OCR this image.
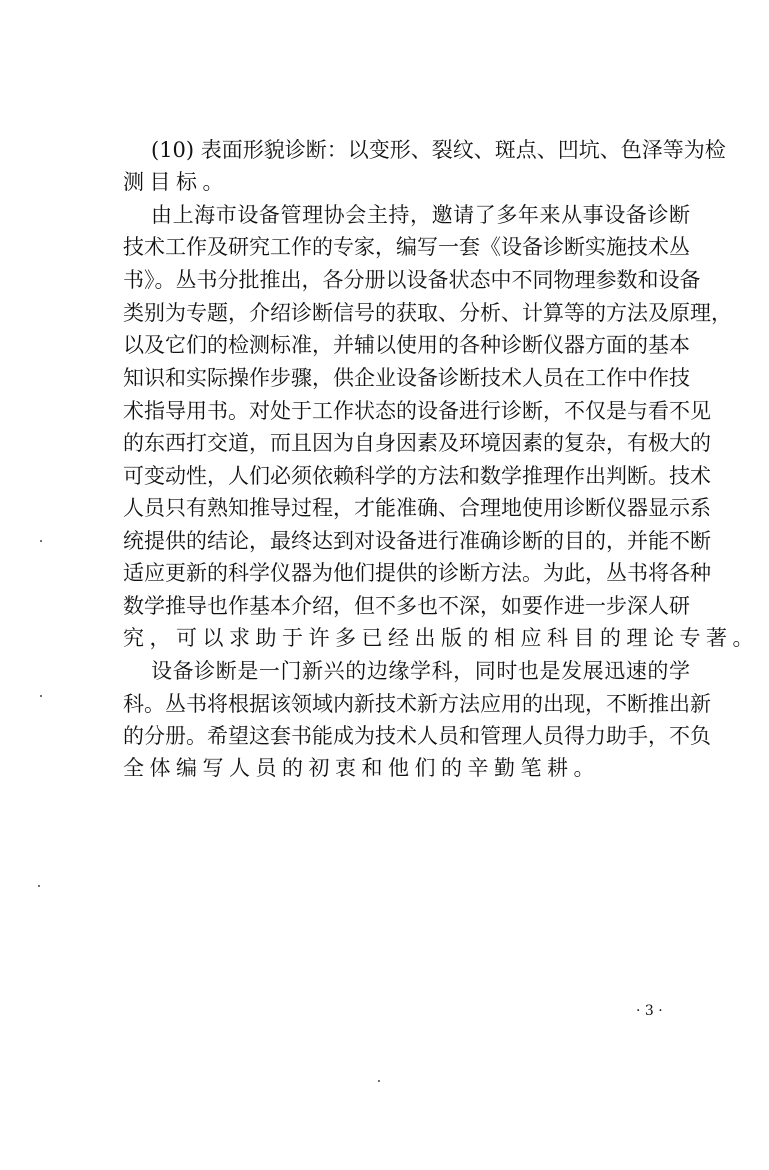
(10) 表面形貌诊断：以变形、裂纹、斑点、凹坑、色泽等为检
测目标。
由上海市设备管理协会主持，邀请了多年来从事设备诊断
技术工作及研究工作的专家，编写一套《设备诊断实施技术丛
书》。丛书分批推出，各分册以设备状态中不同物理参数和设备
类别为专题，介绍诊断信号的获取、分析、计算等的方法及原理，
以及它们的检测标准，并辅以使用的各种诊断仪器方面的基本
知识和实际操作步骤，供企业设备诊断技术人员在工作中作技
术指导用书。对处于工作状态的设备进行诊断，不仅是与看不见
的东西打交道，而且因为自身因素及环境因素的复杂，有极大的
可变动性，人们必须依赖科学的方法和数学推理作出判断。技术
人员只有熟知推导过程，才能准确、合理地使用诊断仪器显示系
统提供的结论，最终达到对设备进行准确诊断的目的，并能不断
适应更新的科学仪器为他们提供的诊断方法。为此，丛书将各种
数学推导也作基本介绍，但不多也不深，如要作进一步深人研
究，可以求助于许多已经出版的相应科目的理论专著。
设备诊断是一门新兴的边缘学科，同时也是发展迅速的学
科。丛书将根据该领域内新技术新方法应用的出现，不断推出新
的分册。希望这套书能成为技术人员和管理人员得力助手，不负
全体编写人员的初衷和他们的辛勤笔耕。
· 3 ·
